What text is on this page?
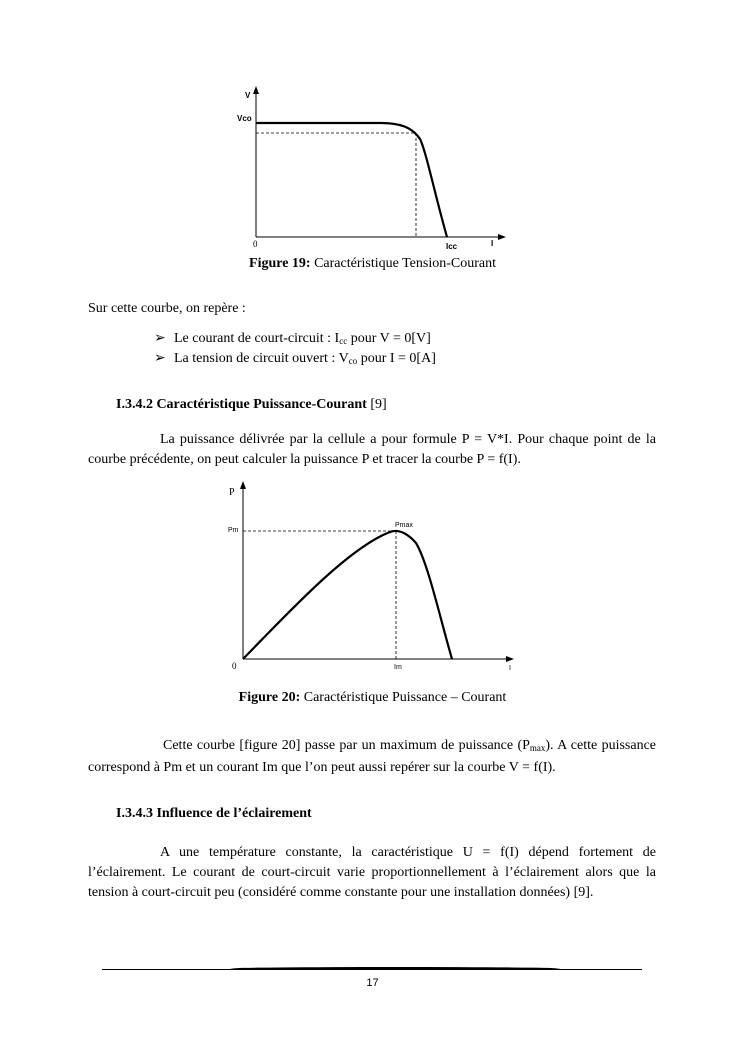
V
Vco
0	Icc	I
Figure 19: Caractéristique Tension-Courant
Sur cette courbe, on repère :
➢ Le courant de court-circuit : $I_{cc}$ pour V = 0[V]
➢ La tension de circuit ouvert : $V_{co}$ pour I = 0[A]
I.3.4.2 Caractéristique Puissance-Courant [9]
La puissance délivrée par la cellule a pour formule P = V*I. Pour chaque point de la courbe précédente, on peut calculer la puissance P et tracer la courbe P = f(I).
P
Pm
Pmax
0	Im	I
Figure 20: Caractéristique Puissance – Courant
Cette courbe [figure 20] passe par un maximum de puissance $(P_{max})$. A cette puissance correspond à Pm et un courant Im que l’on peut aussi repérer sur la courbe V = f(I).
I.3.4.3 Influence de l’éclairement
A une température constante, la caractéristique U = f(I) dépend fortement de l’éclairement. Le courant de court-circuit varie proportionnellement à l’éclairement alors que la tension à court-circuit peu (considéré comme constante pour une installation données) [9].
17
